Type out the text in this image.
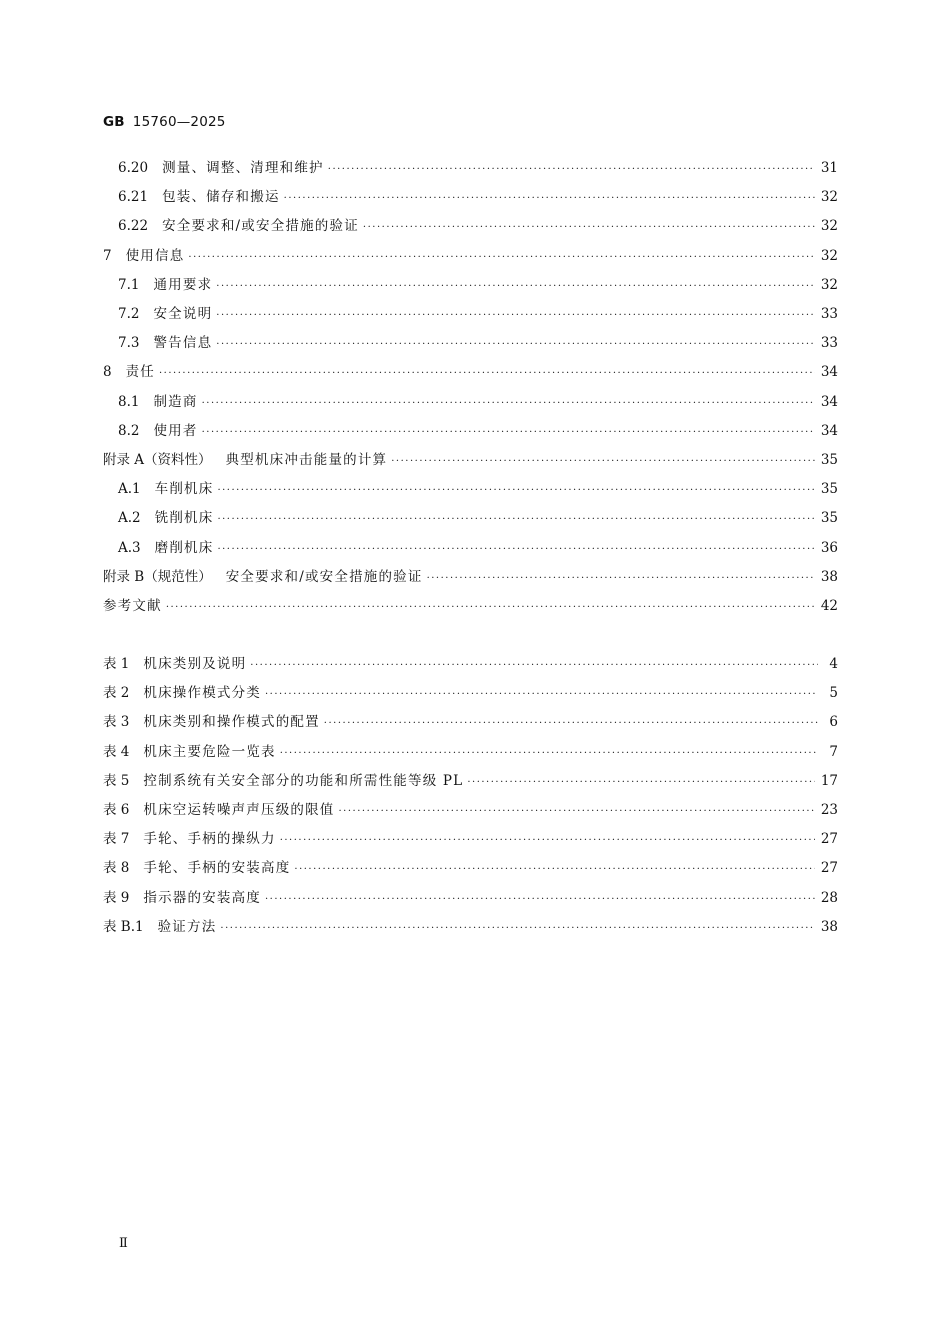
GB 15760—2025
6.20 测量、调整、清理和维护 ·····	31
6.21 包装、储存和搬运 ·····	32
6.22 安全要求和/或安全措施的验证 ·····	32
7 使用信息 ·····	32
7.1 通用要求 ·····	32
7.2 安全说明 ·····	33
7.3 警告信息 ·····	33
8 责任 ·····	34
8.1 制造商 ·····	34
8.2 使用者 ·····	34
附录 A（资料性） 典型机床冲击能量的计算 ·····	35
A.1 车削机床 ·····	35
A.2 铣削机床 ·····	35
A.3 磨削机床 ·····	36
附录 B（规范性） 安全要求和/或安全措施的验证 ·····	38
参考文献 ·····	42
表 1 机床类别及说明 ·····	4
表 2 机床操作模式分类 ·····	5
表 3 机床类别和操作模式的配置 ·····	6
表 4 机床主要危险一览表 ·····	7
表 5 控制系统有关安全部分的功能和所需性能等级 PL ·····	17
表 6 机床空运转噪声声压级的限值 ·····	23
表 7 手轮、手柄的操纵力 ·····	27
表 8 手轮、手柄的安装高度 ·····	27
表 9 指示器的安装高度 ·····	28
表 B.1 验证方法 ·····	38
Ⅱ
